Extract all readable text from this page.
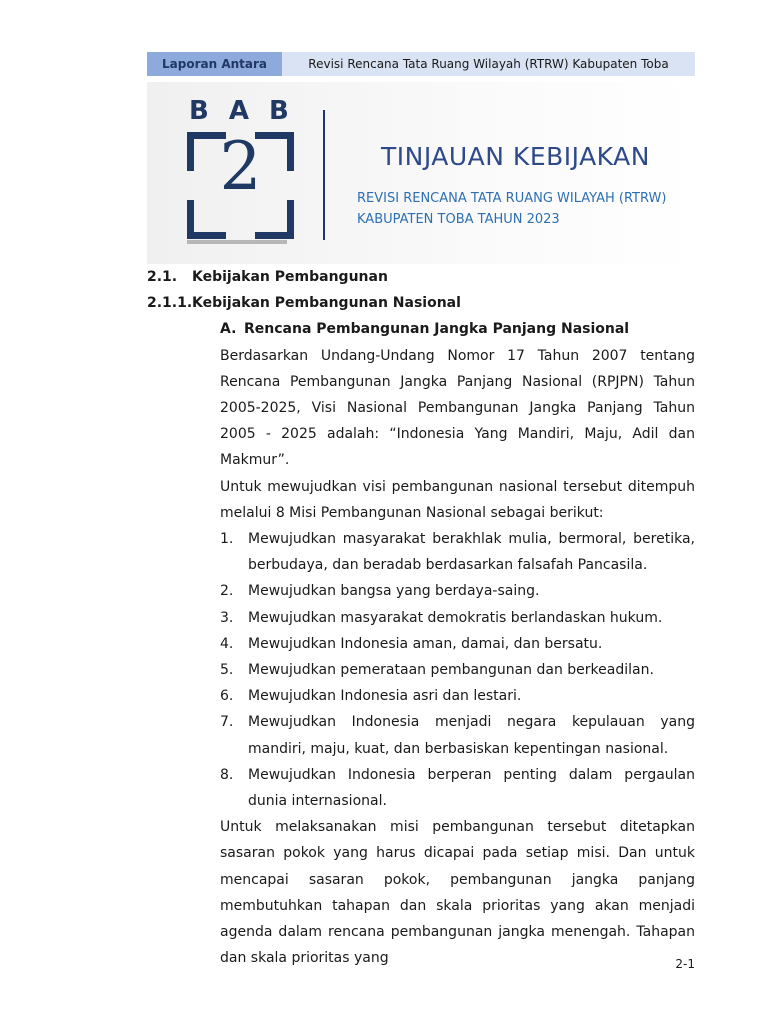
Laporan Antara	Revisi Rencana Tata Ruang Wilayah (RTRW) Kabupaten Toba
BAB
2	TINJAUAN KEBIJAKAN
REVISI RENCANA TATA RUANG WILAYAH (RTRW)
KABUPATEN TOBA TAHUN 2023
2.1.	Kebijakan Pembangunan
2.1.1. Kebijakan Pembangunan Nasional
A. Rencana Pembangunan Jangka Panjang Nasional
Berdasarkan Undang-Undang Nomor 17 Tahun 2007 tentang Rencana Pembangunan Jangka Panjang Nasional (RPJPN) Tahun 2005-2025, Visi Nasional Pembangunan Jangka Panjang Tahun 2005 - 2025 adalah: “Indonesia Yang Mandiri, Maju, Adil dan Makmur”.
Untuk mewujudkan visi pembangunan nasional tersebut ditempuh melalui 8 Misi Pembangunan Nasional sebagai berikut:
1.	Mewujudkan masyarakat berakhlak mulia, bermoral, beretika, berbudaya, dan beradab berdasarkan falsafah Pancasila.
2.	Mewujudkan bangsa yang berdaya-saing.
3.	Mewujudkan masyarakat demokratis berlandaskan hukum.
4.	Mewujudkan Indonesia aman, damai, dan bersatu.
5.	Mewujudkan pemerataan pembangunan dan berkeadilan.
6.	Mewujudkan Indonesia asri dan lestari.
7.	Mewujudkan Indonesia menjadi negara kepulauan yang mandiri, maju, kuat, dan berbasiskan kepentingan nasional.
8.	Mewujudkan Indonesia berperan penting dalam pergaulan dunia internasional.
Untuk melaksanakan misi pembangunan tersebut ditetapkan sasaran pokok yang harus dicapai pada setiap misi. Dan untuk mencapai sasaran pokok, pembangunan jangka panjang membutuhkan tahapan dan skala prioritas yang akan menjadi agenda dalam rencana pembangunan jangka menengah. Tahapan dan skala prioritas yang	2-1
